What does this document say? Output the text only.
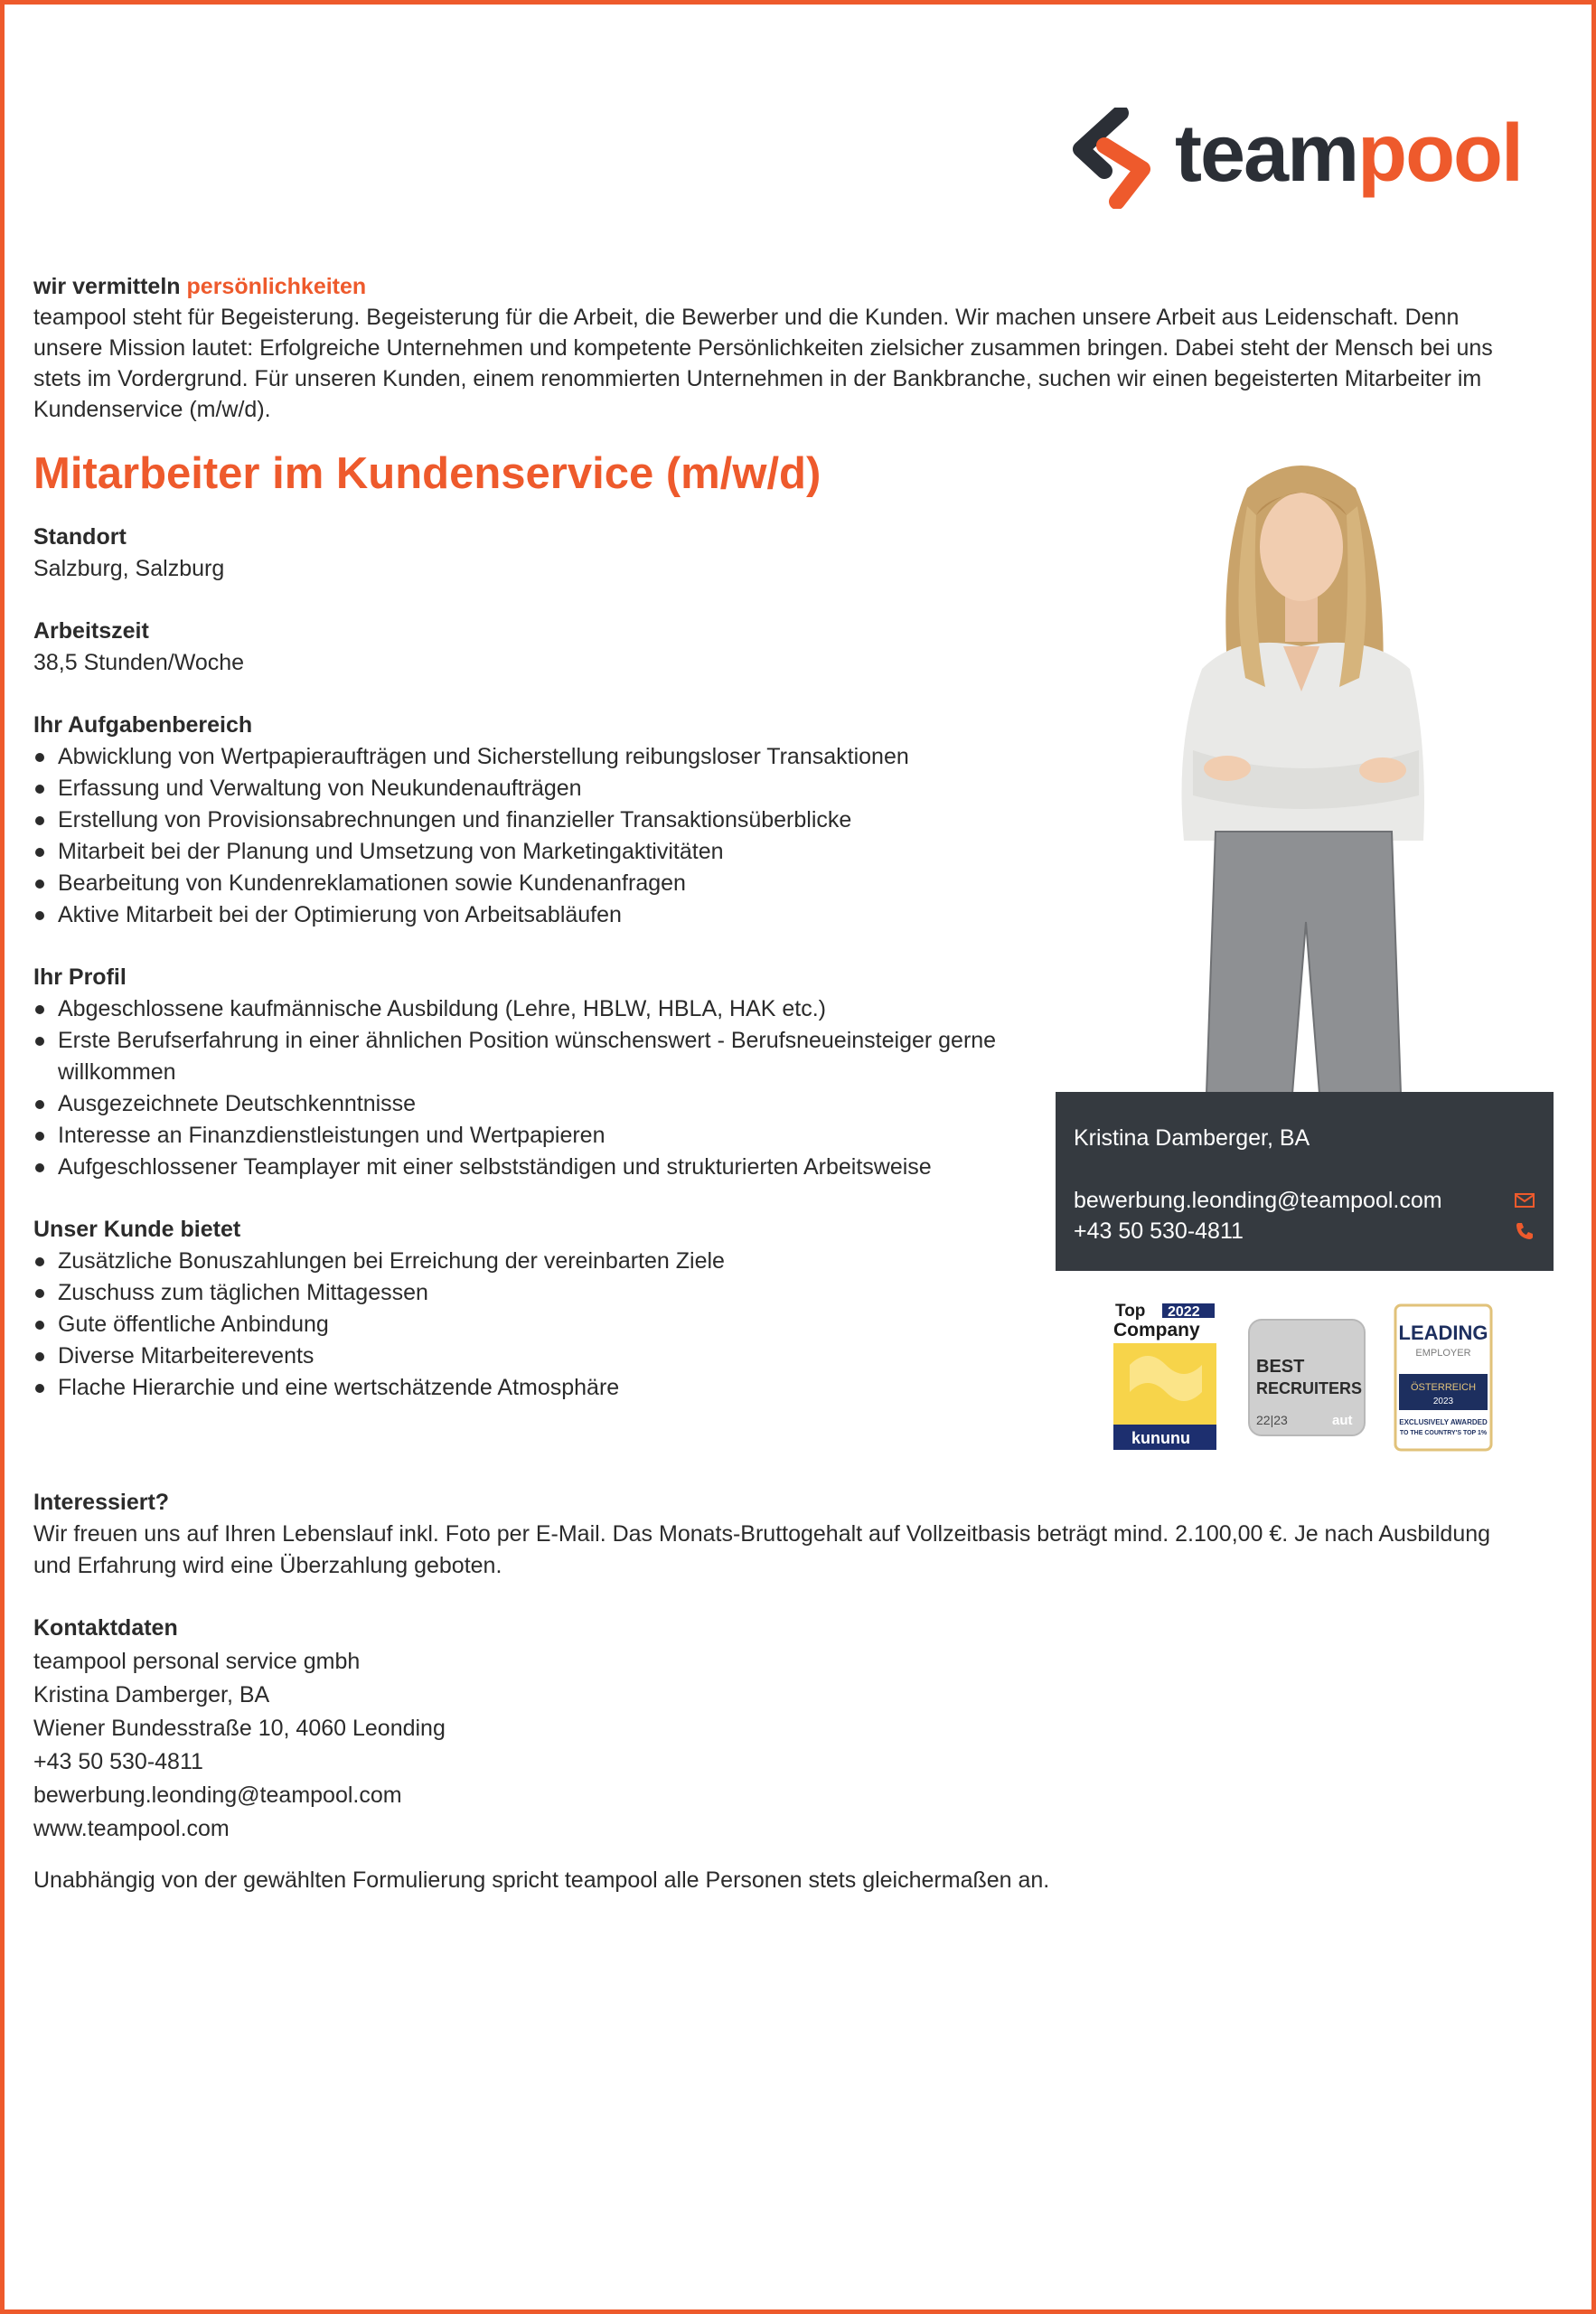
teampool
wir vermitteln persönlichkeiten
teampool steht für Begeisterung. Begeisterung für die Arbeit, die Bewerber und die Kunden. Wir machen unsere Arbeit aus Leidenschaft. Denn unsere Mission lautet: Erfolgreiche Unternehmen und kompetente Persönlichkeiten zielsicher zusammen bringen. Dabei steht der Mensch bei uns stets im Vordergrund. Für unseren Kunden, einem renommierten Unternehmen in der Bankbranche, suchen wir einen begeisterten Mitarbeiter im Kundenservice (m/w/d).
Mitarbeiter im Kundenservice (m/w/d)
Standort
Salzburg, Salzburg
Arbeitszeit
38,5 Stunden/Woche
Ihr Aufgabenbereich
Abwicklung von Wertpapieraufträgen und Sicherstellung reibungsloser Transaktionen
Erfassung und Verwaltung von Neukundenaufträgen
Erstellung von Provisionsabrechnungen und finanzieller Transaktionsüberblicke
Mitarbeit bei der Planung und Umsetzung von Marketingaktivitäten
Bearbeitung von Kundenreklamationen sowie Kundenanfragen
Aktive Mitarbeit bei der Optimierung von Arbeitsabläufen
Ihr Profil
Abgeschlossene kaufmännische Ausbildung (Lehre, HBLW, HBLA, HAK etc.)
Erste Berufserfahrung in einer ähnlichen Position wünschenswert - Berufsneueinsteiger gerne willkommen
Ausgezeichnete Deutschkenntnisse
Interesse an Finanzdienstleistungen und Wertpapieren
Aufgeschlossener Teamplayer mit einer selbstständigen und strukturierten Arbeitsweise
Unser Kunde bietet
Zusätzliche Bonuszahlungen bei Erreichung der vereinbarten Ziele
Zuschuss zum täglichen Mittagessen
Gute öffentliche Anbindung
Diverse Mitarbeiterevents
Flache Hierarchie und eine wertschätzende Atmosphäre
Kristina Damberger, BA
bewerbung.leonding@teampool.com
+43 50 530-4811
Top 2022
Company
kununu
BEST
RECRUITERS
22|23	aut
LEADING
EMPLOYER
ÖSTERREICH
2023
EXCLUSIVELY AWARDED
TO THE COUNTRY'S TOP 1%
Interessiert?
Wir freuen uns auf Ihren Lebenslauf inkl. Foto per E-Mail. Das Monats-Bruttogehalt auf Vollzeitbasis beträgt mind. 2.100,00 €. Je nach Ausbildung und Erfahrung wird eine Überzahlung geboten.
Kontaktdaten
teampool personal service gmbh
Kristina Damberger, BA
Wiener Bundesstraße 10, 4060 Leonding
+43 50 530-4811
bewerbung.leonding@teampool.com
www.teampool.com
Unabhängig von der gewählten Formulierung spricht teampool alle Personen stets gleichermaßen an.
